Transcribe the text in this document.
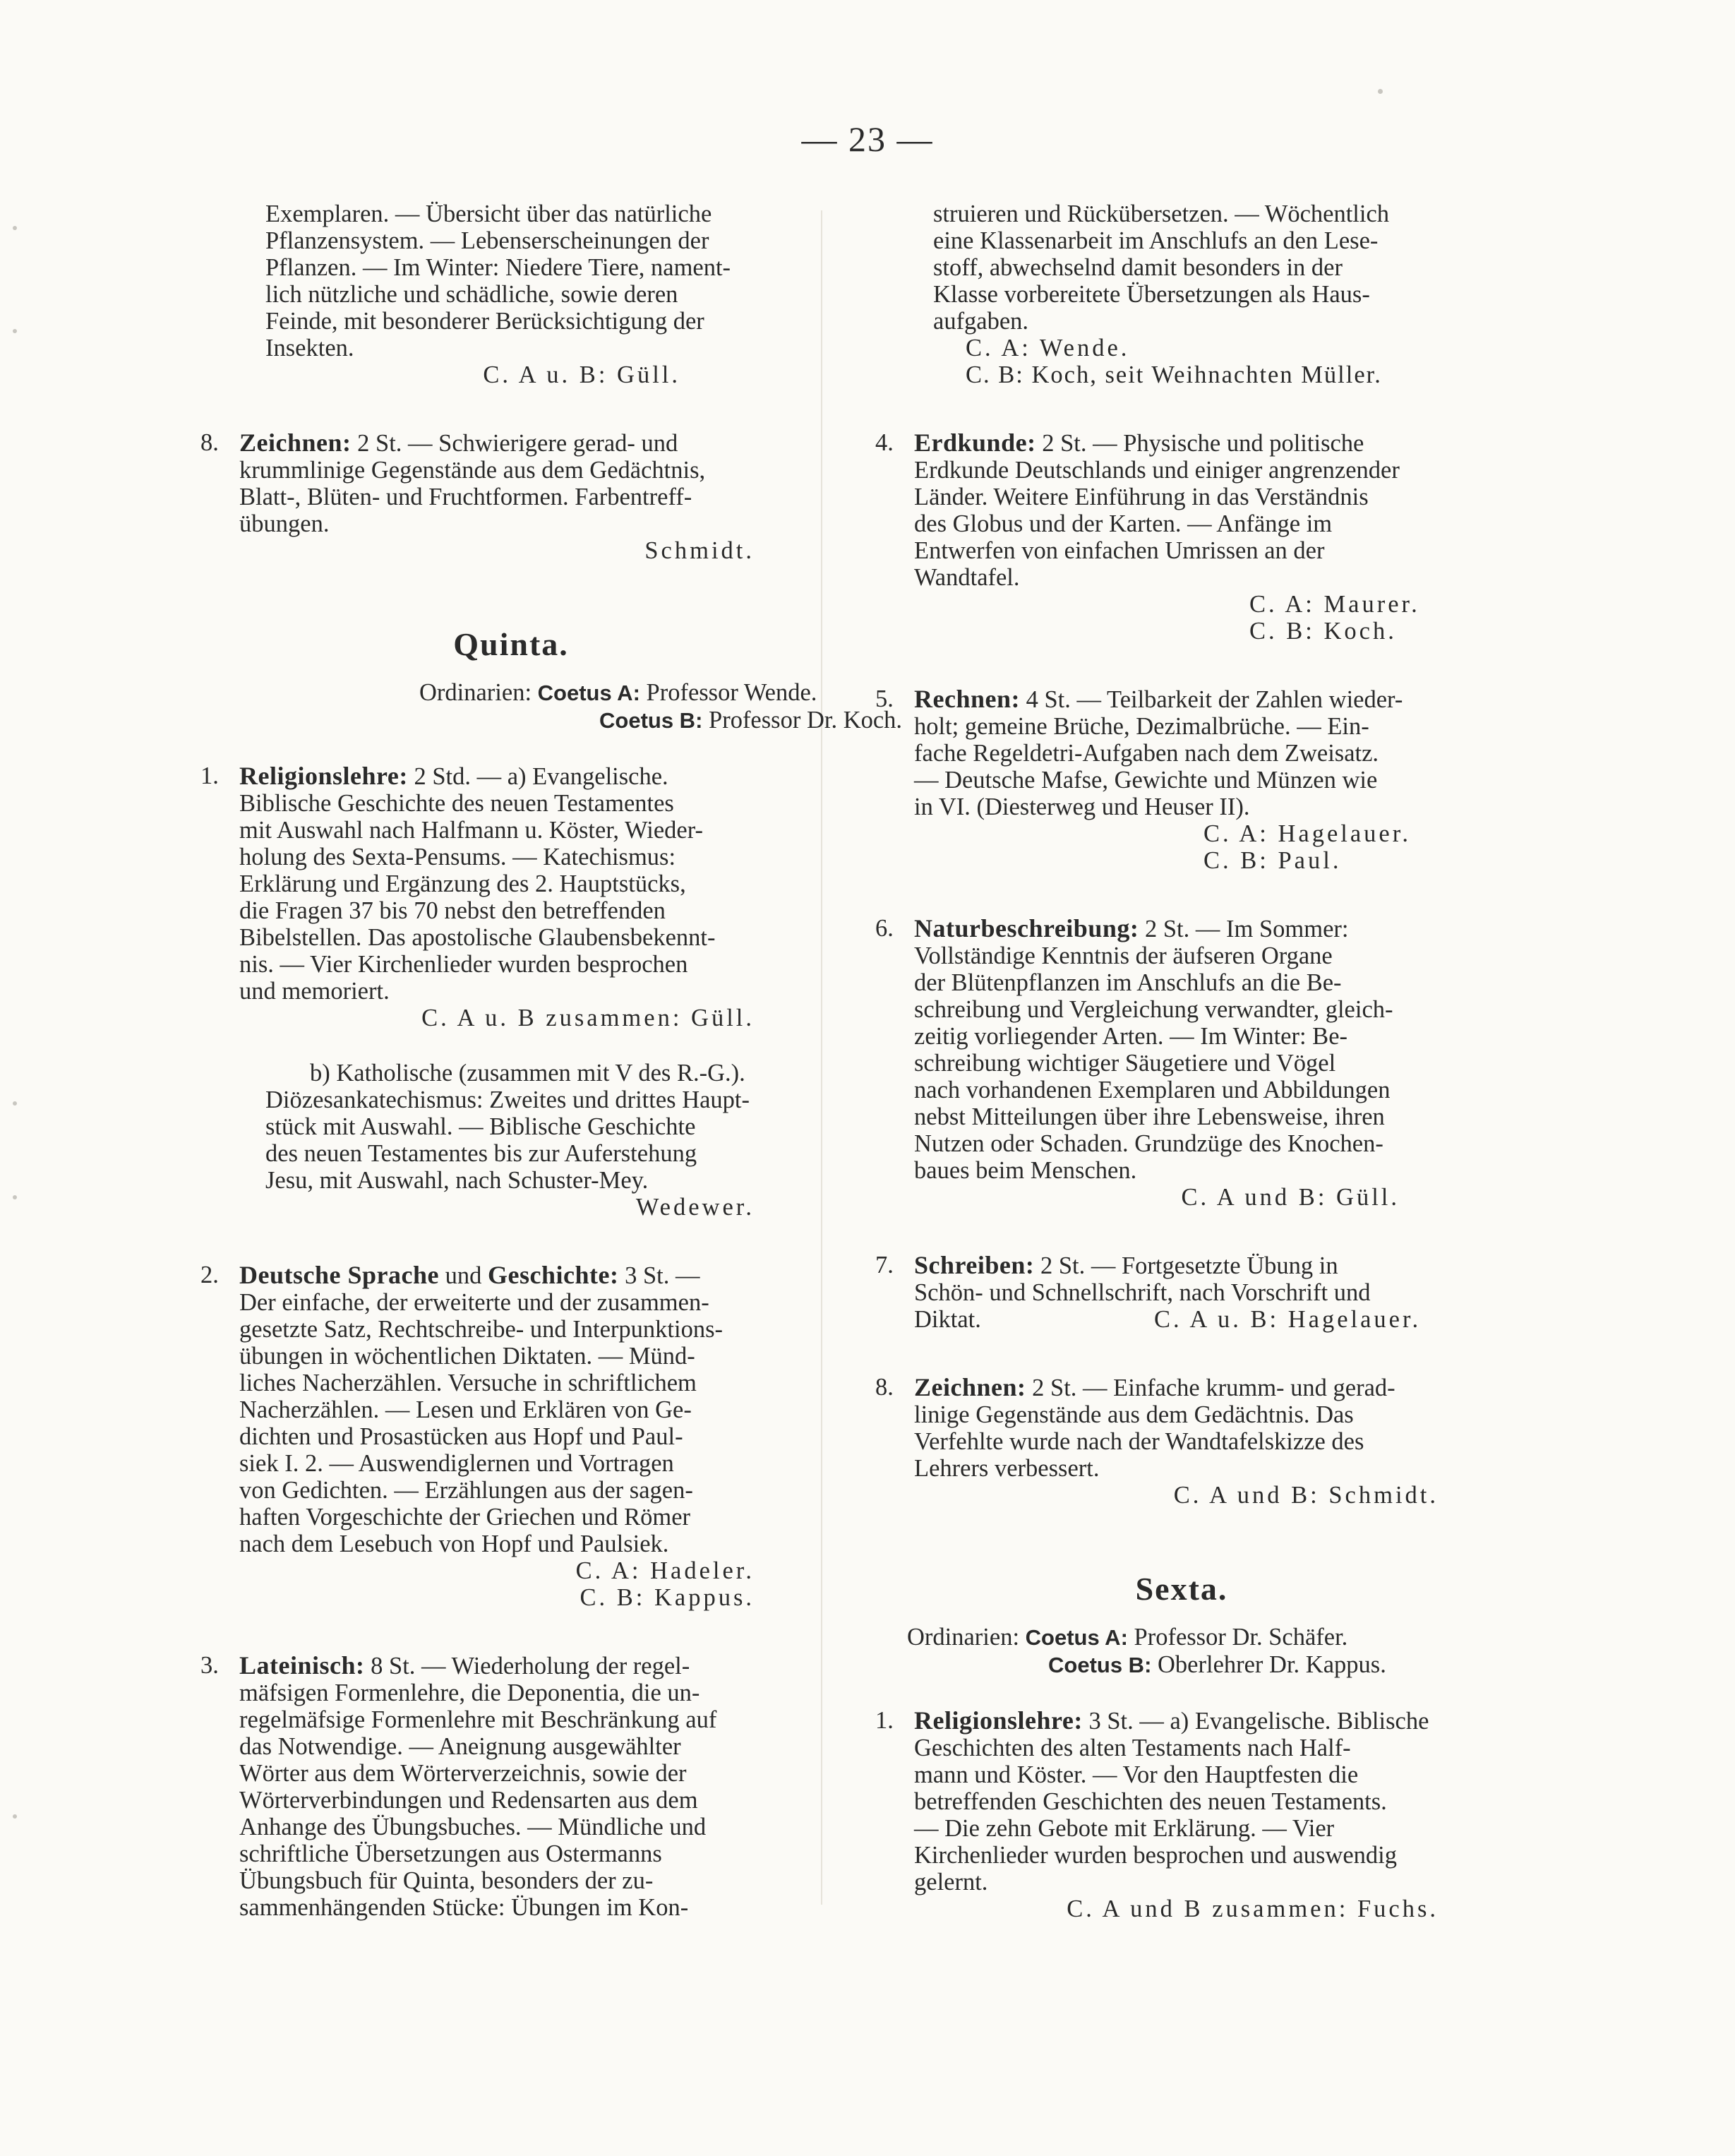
— 23 —
Exemplaren. — Übersicht über das natürliche
Pflanzensystem. — Lebenserscheinungen der
Pflanzen. — Im Winter: Niedere Tiere, nament-
lich nützliche und schädliche, sowie deren
Feinde, mit besonderer Berücksichtigung der
Insekten.
C. A u. B: Güll.
8. Zeichnen: 2 St. — Schwierigere gerad- und
krummlinige Gegenstände aus dem Gedächtnis,
Blatt-, Blüten- und Fruchtformen. Farbentreff-
übungen.
Schmidt.
Quinta.
Ordinarien: Coetus A: Professor Wende.
Coetus B: Professor Dr. Koch.
1. Religionslehre: 2 Std. — a) Evangelische.
Biblische Geschichte des neuen Testamentes
mit Auswahl nach Halfmann u. Köster, Wieder-
holung des Sexta-Pensums. — Katechismus:
Erklärung und Ergänzung des 2. Hauptstücks,
die Fragen 37 bis 70 nebst den betreffenden
Bibelstellen. Das apostolische Glaubensbekennt-
nis. — Vier Kirchenlieder wurden besprochen
und memoriert.
C. A u. B zusammen: Güll.
b) Katholische (zusammen mit V des R.-G.).
Diözesankatechismus: Zweites und drittes Haupt-
stück mit Auswahl. — Biblische Geschichte
des neuen Testamentes bis zur Auferstehung
Jesu, mit Auswahl, nach Schuster-Mey.
Wedewer.
2. Deutsche Sprache und Geschichte: 3 St. —
Der einfache, der erweiterte und der zusammen-
gesetzte Satz, Rechtschreibe- und Interpunktions-
übungen in wöchentlichen Diktaten. — Münd-
liches Nacherzählen. Versuche in schriftlichem
Nacherzählen. — Lesen und Erklären von Ge-
dichten und Prosastücken aus Hopf und Paul-
siek I. 2. — Auswendiglernen und Vortragen
von Gedichten. — Erzählungen aus der sagen-
haften Vorgeschichte der Griechen und Römer
nach dem Lesebuch von Hopf und Paulsiek.
C. A: Hadeler.
C. B: Kappus.
3. Lateinisch: 8 St. — Wiederholung der regel-
mäfsigen Formenlehre, die Deponentia, die un-
regelmäfsige Formenlehre mit Beschränkung auf
das Notwendige. — Aneignung ausgewählter
Wörter aus dem Wörterverzeichnis, sowie der
Wörterverbindungen und Redensarten aus dem
Anhange des Übungsbuches. — Mündliche und
schriftliche Übersetzungen aus Ostermanns
Übungsbuch für Quinta, besonders der zu-
sammenhängenden Stücke: Übungen im Kon-
struieren und Rückübersetzen. — Wöchentlich
eine Klassenarbeit im Anschlufs an den Lese-
stoff, abwechselnd damit besonders in der
Klasse vorbereitete Übersetzungen als Haus-
aufgaben.
C. A: Wende.
C. B: Koch, seit Weihnachten Müller.
4. Erdkunde: 2 St. — Physische und politische
Erdkunde Deutschlands und einiger angrenzender
Länder. Weitere Einführung in das Verständnis
des Globus und der Karten. — Anfänge im
Entwerfen von einfachen Umrissen an der
Wandtafel.
C. A: Maurer.
C. B: Koch.
5. Rechnen: 4 St. — Teilbarkeit der Zahlen wieder-
holt; gemeine Brüche, Dezimalbrüche. — Ein-
fache Regeldetri-Aufgaben nach dem Zweisatz.
— Deutsche Mafse, Gewichte und Münzen wie
in VI. (Diesterweg und Heuser II).
C. A: Hagelauer.
C. B: Paul.
6. Naturbeschreibung: 2 St. — Im Sommer:
Vollständige Kenntnis der äufseren Organe
der Blütenpflanzen im Anschlufs an die Be-
schreibung und Vergleichung verwandter, gleich-
zeitig vorliegender Arten. — Im Winter: Be-
schreibung wichtiger Säugetiere und Vögel
nach vorhandenen Exemplaren und Abbildungen
nebst Mitteilungen über ihre Lebensweise, ihren
Nutzen oder Schaden. Grundzüge des Knochen-
baues beim Menschen.
C. A und B: Güll.
7. Schreiben: 2 St. — Fortgesetzte Übung in
Schön- und Schnellschrift, nach Vorschrift und
Diktat.	C. A u. B: Hagelauer.
8. Zeichnen: 2 St. — Einfache krumm- und gerad-
linige Gegenstände aus dem Gedächtnis. Das
Verfehlte wurde nach der Wandtafelskizze des
Lehrers verbessert.
C. A und B: Schmidt.
Sexta.
Ordinarien: Coetus A: Professor Dr. Schäfer.
Coetus B: Oberlehrer Dr. Kappus.
1. Religionslehre: 3 St. — a) Evangelische. Biblische
Geschichten des alten Testaments nach Half-
mann und Köster. — Vor den Hauptfesten die
betreffenden Geschichten des neuen Testaments.
— Die zehn Gebote mit Erklärung. — Vier
Kirchenlieder wurden besprochen und auswendig
gelernt.
C. A und B zusammen: Fuchs.
